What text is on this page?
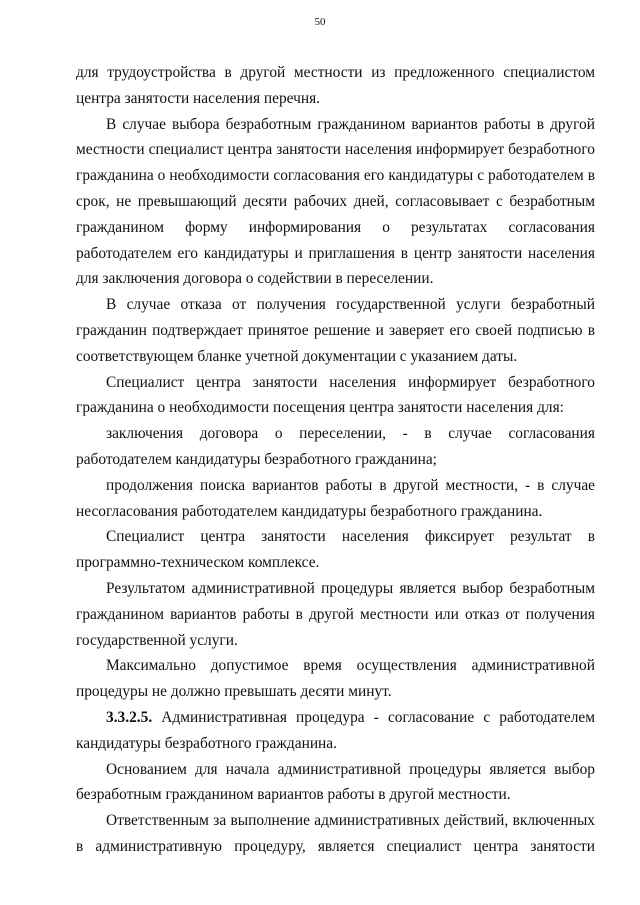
50

для трудоустройства в другой местности из предложенного специалистом центра занятости населения перечня.

В случае выбора безработным гражданином вариантов работы в другой местности специалист центра занятости населения информирует безработного гражданина о необходимости согласования его кандидатуры с работодателем в срок, не превышающий десяти рабочих дней, согласовывает с безработным гражданином форму информирования о результатах согласования работодателем его кандидатуры и приглашения в центр занятости населения для заключения договора о содействии в переселении.

В случае отказа от получения государственной услуги безработный гражданин подтверждает принятое решение и заверяет его своей подписью в соответствующем бланке учетной документации с указанием даты.

Специалист центра занятости населения информирует безработного гражданина о необходимости посещения центра занятости населения для:

заключения договора о переселении, - в случае согласования работодателем кандидатуры безработного гражданина;

продолжения поиска вариантов работы в другой местности, - в случае несогласования работодателем кандидатуры безработного гражданина.

Специалист центра занятости населения фиксирует результат в программно-техническом комплексе.

Результатом административной процедуры является выбор безработным гражданином вариантов работы в другой местности или отказ от получения государственной услуги.

Максимально допустимое время осуществления административной процедуры не должно превышать десяти минут.

3.3.2.5. Административная процедура - согласование с работодателем кандидатуры безработного гражданина.

Основанием для начала административной процедуры является выбор безработным гражданином вариантов работы в другой местности.

Ответственным за выполнение административных действий, включенных в административную процедуру, является специалист центра занятости
